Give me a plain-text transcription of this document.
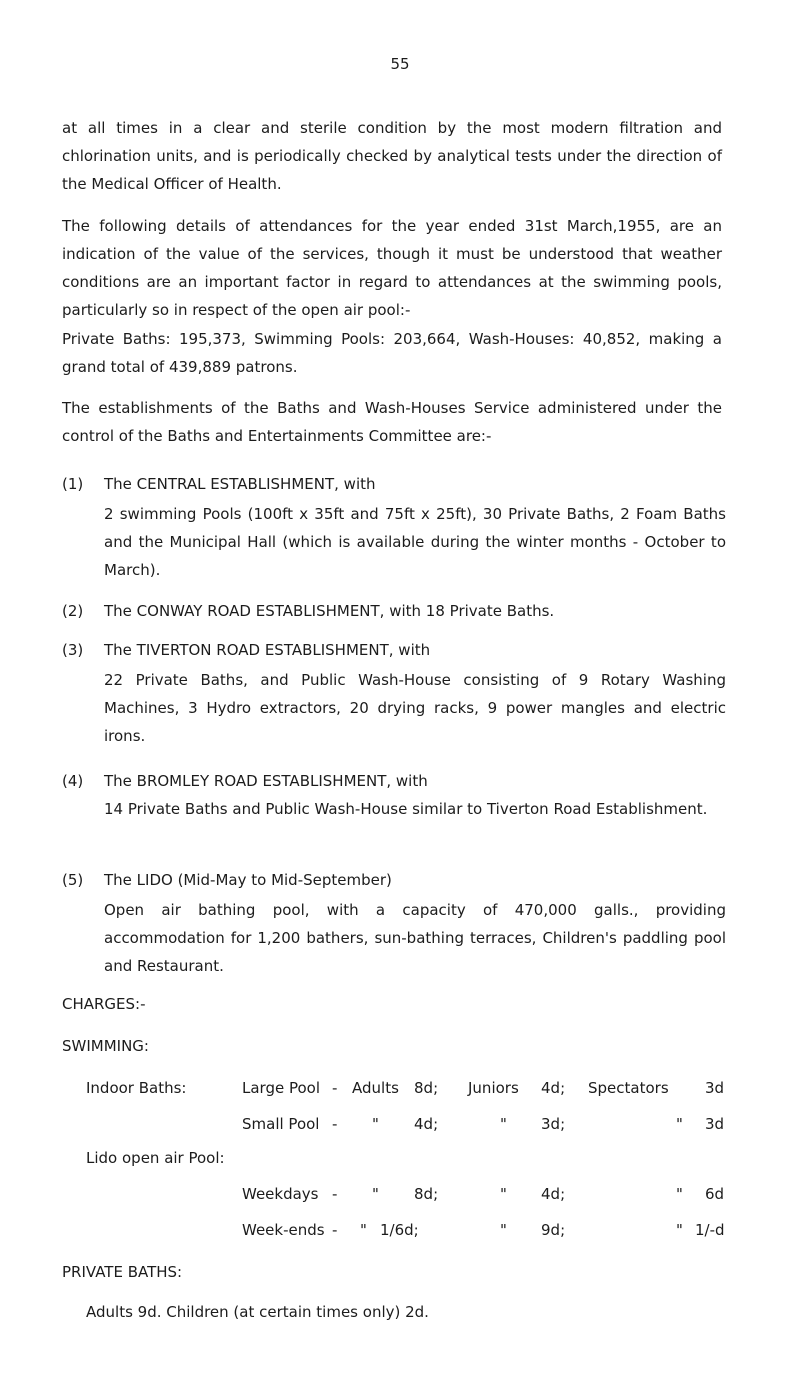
55
at all times in a clear and sterile condition by the most modern filtration and chlorination units, and is periodically checked by analytical tests under the direction of the Medical Officer of Health.
The following details of attendances for the year ended 31st March,1955, are an indication of the value of the services, though it must be understood that weather conditions are an important factor in regard to attendances at the swimming pools, particularly so in respect of the open air pool:-
Private Baths: 195,373, Swimming Pools: 203,664, Wash-Houses: 40,852, making a grand total of 439,889 patrons.
The establishments of the Baths and Wash-Houses Service administered under the control of the Baths and Entertainments Committee are:-
(1) The CENTRAL ESTABLISHMENT, with
2 swimming Pools (100ft x 35ft and 75ft x 25ft), 30 Private Baths, 2 Foam Baths and the Municipal Hall (which is available during the winter months - October to March).
(2) The CONWAY ROAD ESTABLISHMENT, with 18 Private Baths.
(3) The TIVERTON ROAD ESTABLISHMENT, with
22 Private Baths, and Public Wash-House consisting of 9 Rotary Washing Machines, 3 Hydro extractors, 20 drying racks, 9 power mangles and electric irons.
(4) The BROMLEY ROAD ESTABLISHMENT, with
14 Private Baths and Public Wash-House similar to Tiverton Road Establishment.
(5) The LIDO (Mid-May to Mid-September)
Open air bathing pool, with a capacity of 470,000 galls., providing accommodation for 1,200 bathers, sun-bathing terraces, Children's paddling pool and Restaurant.
CHARGES:-
SWIMMING:
Indoor Baths:	Large Pool - Adults 8d; Juniors 4d; Spectators 3d
Small Pool - " 4d;	" 3d;	" 3d
Lido open air Pool:
Weekdays - " 8d;	" 4d;	" 6d
Week-ends - " 1/6d;	" 9d;	" 1/-d
PRIVATE BATHS:
Adults 9d. Children (at certain times only) 2d.
